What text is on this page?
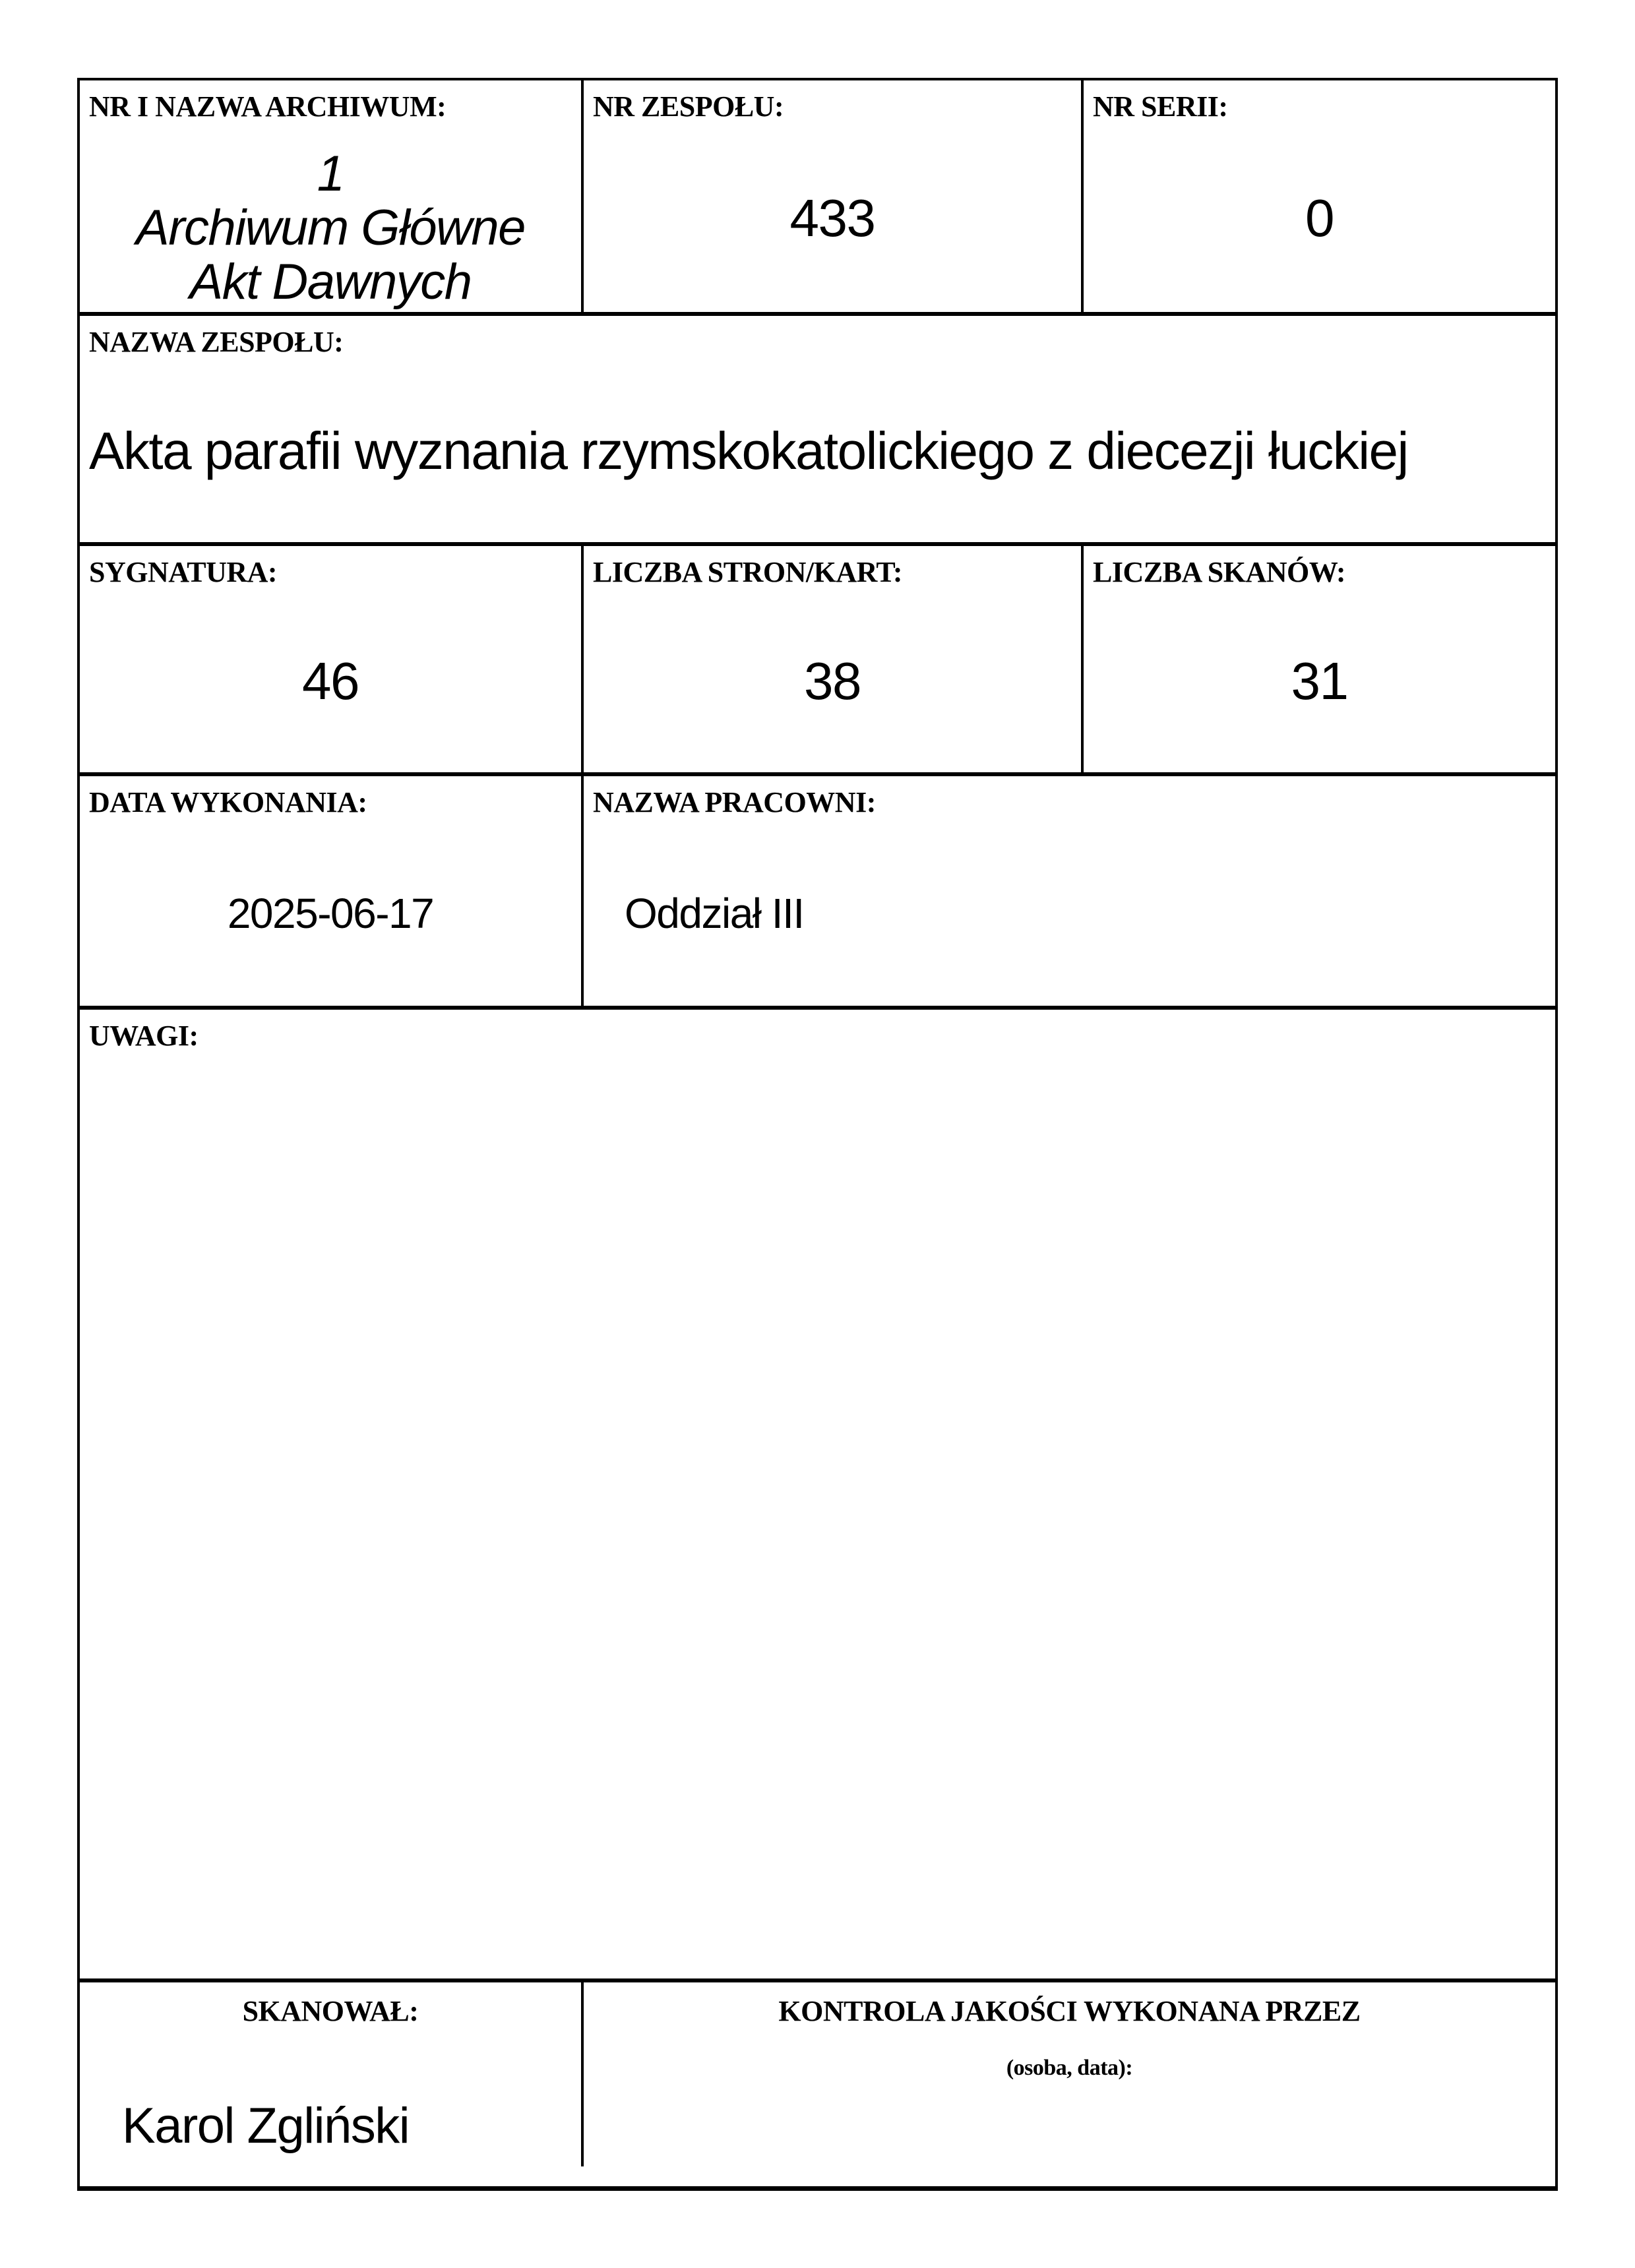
NR I NAZWA ARCHIWUM:
1
Archiwum Główne
Akt Dawnych
NR ZESPOŁU:
433
NR SERII:
0
NAZWA ZESPOŁU:
Akta parafii wyznania rzymskokatolickiego z diecezji łuckiej
SYGNATURA:
46
LICZBA STRON/KART:
38
LICZBA SKANÓW:
31
DATA WYKONANIA:
2025-06-17
NAZWA PRACOWNI:
Oddział III
UWAGI:
SKANOWAŁ:
Karol Zgliński
KONTROLA JAKOŚCI WYKONANA PRZEZ
(osoba, data):
